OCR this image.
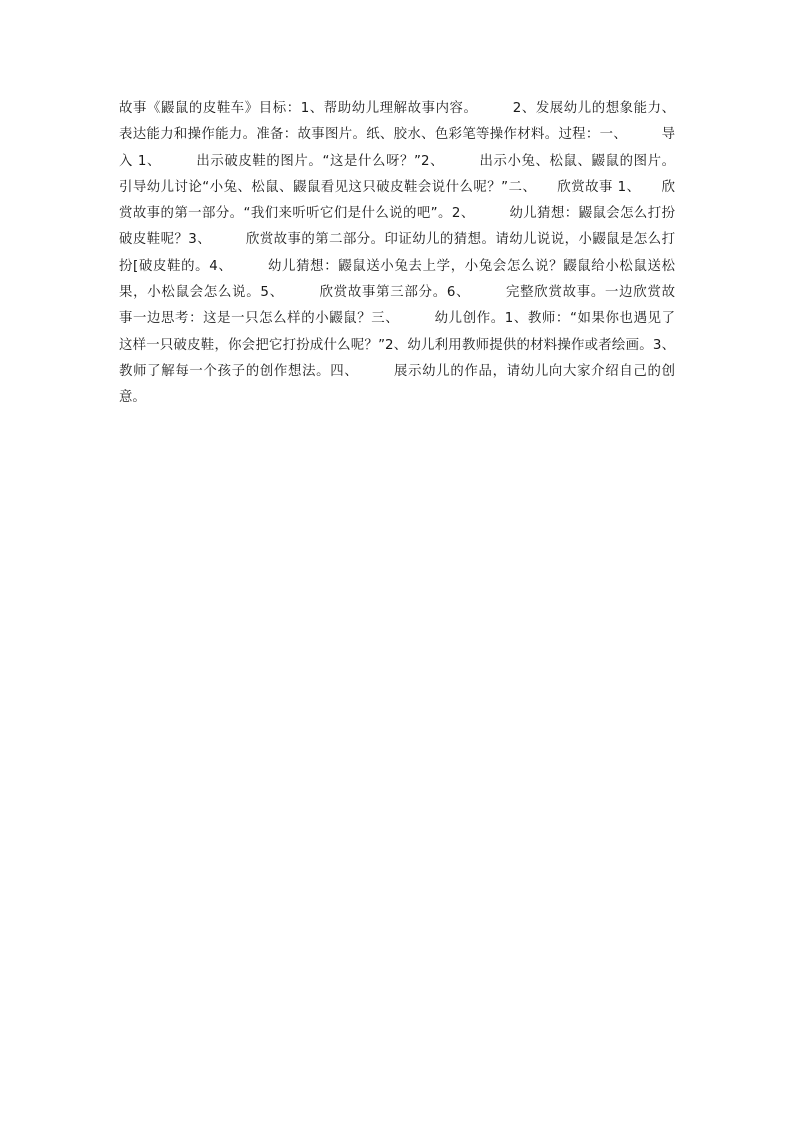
故事《鼹鼠的皮鞋车》目标：1、帮助幼儿理解故事内容。　　　2、发展幼儿的想象能力、
表达能力和操作能力。准备：故事图片。纸、胶水、色彩笔等操作材料。过程：一、　　　导
入 1、　　　出示破皮鞋的图片。“这是什么呀？”2、　　　出示小兔、松鼠、鼹鼠的图片。
引导幼儿讨论“小兔、松鼠、鼹鼠看见这只破皮鞋会说什么呢？”二、　　欣赏故事 1、　　欣
赏故事的第一部分。“我们来听听它们是什么说的吧”。2、　　　幼儿猜想：鼹鼠会怎么打扮
破皮鞋呢？3、　　　欣赏故事的第二部分。印证幼儿的猜想。请幼儿说说，小鼹鼠是怎么打
扮[破皮鞋的。4、　　　幼儿猜想：鼹鼠送小兔去上学，小兔会怎么说？鼹鼠给小松鼠送松
果，小松鼠会怎么说。5、　　　欣赏故事第三部分。6、　　　完整欣赏故事。一边欣赏故
事一边思考：这是一只怎么样的小鼹鼠？三、　　　幼儿创作。1、教师：“如果你也遇见了
这样一只破皮鞋，你会把它打扮成什么呢？”2、幼儿利用教师提供的材料操作或者绘画。3、
教师了解每一个孩子的创作想法。四、　　　展示幼儿的作品，请幼儿向大家介绍自己的创
意。
